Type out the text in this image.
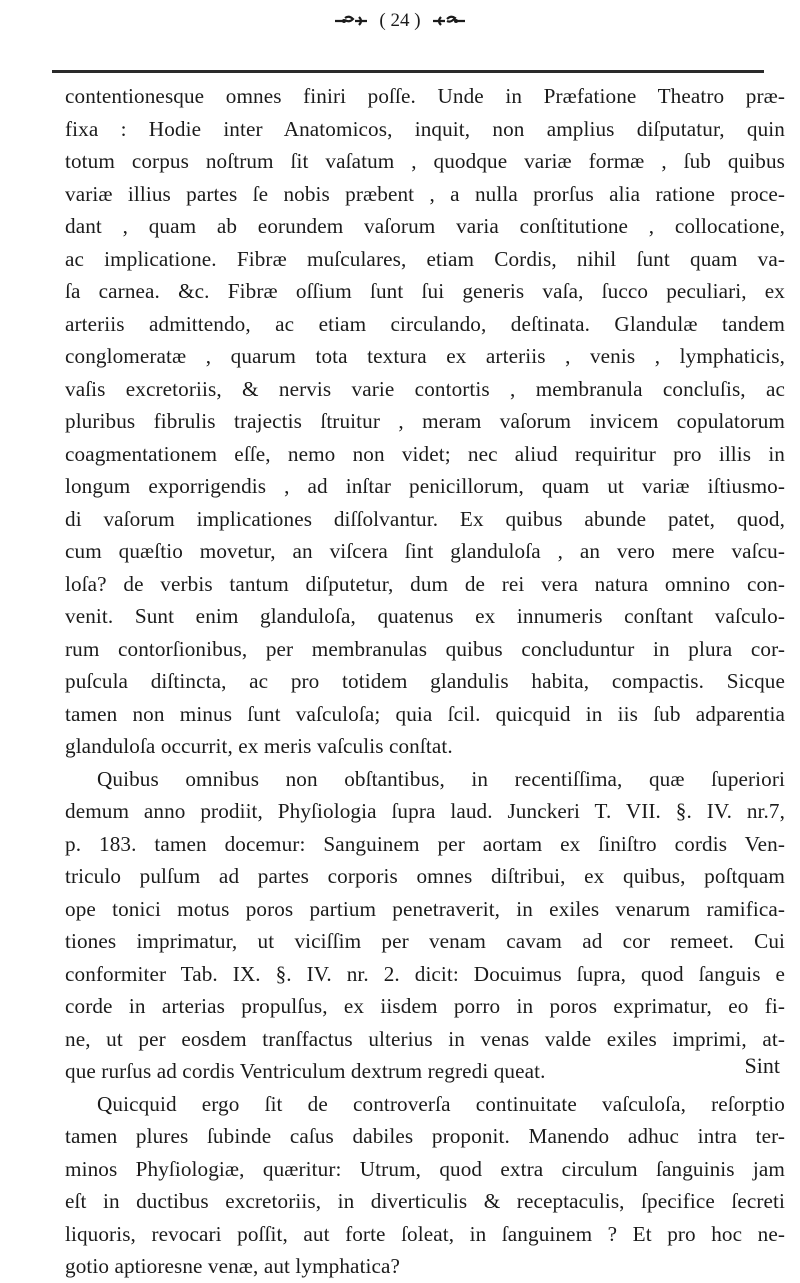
( 24 )
contentionesque omnes finiri poſſe. Unde in Præfatione Theatro præ-
fixa : Hodie inter Anatomicos, inquit, non amplius diſputatur, quin
totum corpus noſtrum ſit vaſatum , quodque variæ formæ , ſub quibus
variæ illius partes ſe nobis præbent , a nulla prorſus alia ratione proce-
dant , quam ab eorundem vaſorum varia conſtitutione , collocatione,
ac implicatione. Fibræ muſculares, etiam Cordis, nihil ſunt quam va-
ſa carnea. &c. Fibræ oſſium ſunt ſui generis vaſa, ſucco peculiari, ex
arteriis admittendo, ac etiam circulando, deſtinata. Glandulæ tandem
conglomeratæ , quarum tota textura ex arteriis , venis , lymphaticis,
vaſis excretoriis, & nervis varie contortis , membranula concluſis, ac
pluribus fibrulis trajectis ſtruitur , meram vaſorum invicem copulatorum
coagmentationem eſſe, nemo non videt; nec aliud requiritur pro illis in
longum exporrigendis , ad inſtar penicillorum, quam ut variæ iſtiusmo-
di vaſorum implicationes diſſolvantur. Ex quibus abunde patet, quod,
cum quæſtio movetur, an viſcera ſint glanduloſa , an vero mere vaſcu-
loſa? de verbis tantum diſputetur, dum de rei vera natura omnino con-
venit. Sunt enim glanduloſa, quatenus ex innumeris conſtant vaſculo-
rum contorſionibus, per membranulas quibus concluduntur in plura cor-
puſcula diſtincta, ac pro totidem glandulis habita, compactis. Sicque
tamen non minus ſunt vaſculoſa; quia ſcil. quicquid in iis ſub adparentia
glanduloſa occurrit, ex meris vaſculis conſtat.
Quibus omnibus non obſtantibus, in recentiſſima, quæ ſuperiori
demum anno prodiit, Phyſiologia ſupra laud. Junckeri T. VII. §. IV. nr.7,
p. 183. tamen docemur: Sanguinem per aortam ex ſiniſtro cordis Ven-
triculo pulſum ad partes corporis omnes diſtribui, ex quibus, poſtquam
ope tonici motus poros partium penetraverit, in exiles venarum ramifica-
tiones imprimatur, ut viciſſim per venam cavam ad cor remeet. Cui
conformiter Tab. IX. §. IV. nr. 2. dicit: Docuimus ſupra, quod ſanguis e
corde in arterias propulſus, ex iisdem porro in poros exprimatur, eo fi-
ne, ut per eosdem tranſfactus ulterius in venas valde exiles imprimi, at-
que rurſus ad cordis Ventriculum dextrum regredi queat.
Quicquid ergo ſit de controverſa continuitate vaſculoſa, reſorptio
tamen plures ſubinde caſus dabiles proponit. Manendo adhuc intra ter-
minos Phyſiologiæ, quæritur: Utrum, quod extra circulum ſanguinis jam
eſt in ductibus excretoriis, in diverticulis & receptaculis, ſpecifice ſecreti
liquoris, revocari poſſit, aut forte ſoleat, in ſanguinem ? Et pro hoc ne-
gotio aptioresne venæ, aut lymphatica?
Sint
